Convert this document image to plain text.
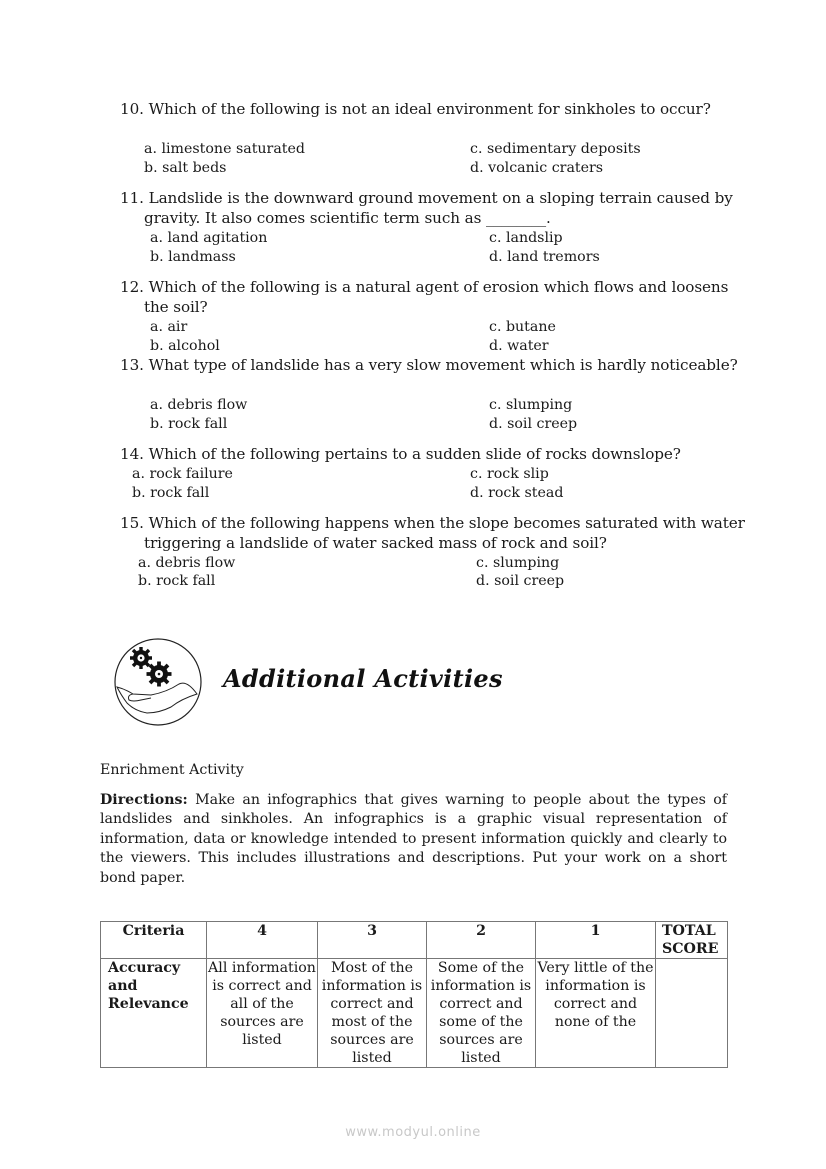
10. Which of the following is not an ideal environment for sinkholes to occur?
a. limestone saturated
b. salt beds
c. sedimentary deposits
d. volcanic craters
11. Landslide is the downward ground movement on a sloping terrain caused by gravity. It also comes scientific term such as ________.
a. land agitation
b. landmass
c. landslip
d. land tremors
12. Which of the following is a natural agent of erosion which flows and loosens the soil?
a. air
b. alcohol
c. butane
d. water
13. What type of landslide has a very slow movement which is hardly noticeable?
a. debris flow
b. rock fall
c. slumping
d. soil creep
14. Which of the following pertains to a sudden slide of rocks downslope?
a. rock failure
b. rock fall
c. rock slip
d. rock stead
15. Which of the following happens when the slope becomes saturated with water triggering a landslide of water sacked mass of rock and soil?
a. debris flow
b. rock fall
c. slumping
d. soil creep
Additional Activities
Enrichment Activity
Directions: Make an infographics that gives warning to people about the types of landslides and sinkholes. An infographics is a graphic visual representation of information, data or knowledge intended to present information quickly and clearly to the viewers. This includes illustrations and descriptions. Put your work on a short bond paper.
Criteria	4	3	2	1	TOTAL SCORE
Accuracy and Relevance	All information is correct and all of the sources are listed	Most of the information is correct and most of the sources are listed	Some of the information is correct and some of the sources are listed	Very little of the information is correct and none of the	
www.modyul.online
